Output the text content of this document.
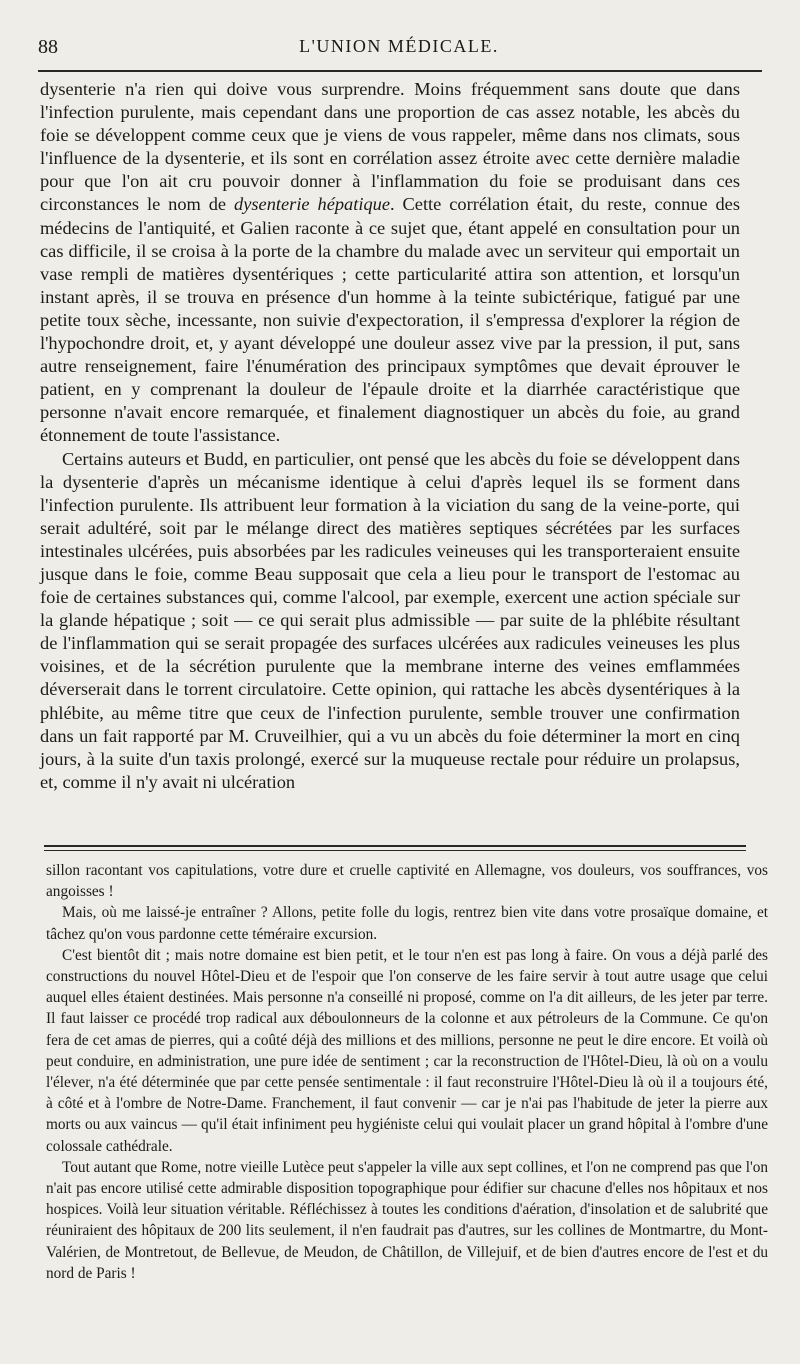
88	L'UNION MÉDICALE.

dysenterie n'a rien qui doive vous surprendre. Moins fréquemment sans doute que dans l'infection purulente, mais cependant dans une proportion de cas assez notable, les abcès du foie se développent comme ceux que je viens de vous rappeler, même dans nos climats, sous l'influence de la dysenterie, et ils sont en corrélation assez étroite avec cette dernière maladie pour que l'on ait cru pouvoir donner à l'inflammation du foie se produisant dans ces circonstances le nom de dysenterie hépatique. Cette corrélation était, du reste, connue des médecins de l'antiquité, et Galien raconte à ce sujet que, étant appelé en consultation pour un cas difficile, il se croisa à la porte de la chambre du malade avec un serviteur qui emportait un vase rempli de matières dysentériques ; cette particularité attira son attention, et lorsqu'un instant après, il se trouva en présence d'un homme à la teinte subictérique, fatigué par une petite toux sèche, incessante, non suivie d'expectoration, il s'empressa d'explorer la région de l'hypochondre droit, et, y ayant développé une douleur assez vive par la pression, il put, sans autre renseignement, faire l'énumération des principaux symptômes que devait éprouver le patient, en y comprenant la douleur de l'épaule droite et la diarrhée caractéristique que personne n'avait encore remarquée, et finalement diagnostiquer un abcès du foie, au grand étonnement de toute l'assistance.

Certains auteurs et Budd, en particulier, ont pensé que les abcès du foie se développent dans la dysenterie d'après un mécanisme identique à celui d'après lequel ils se forment dans l'infection purulente. Ils attribuent leur formation à la viciation du sang de la veine-porte, qui serait adultéré, soit par le mélange direct des matières septiques sécrétées par les surfaces intestinales ulcérées, puis absorbées par les radicules veineuses qui les transporteraient ensuite jusque dans le foie, comme Beau supposait que cela a lieu pour le transport de l'estomac au foie de certaines substances qui, comme l'alcool, par exemple, exercent une action spéciale sur la glande hépatique ; soit — ce qui serait plus admissible — par suite de la phlébite résultant de l'inflammation qui se serait propagée des surfaces ulcérées aux radicules veineuses les plus voisines, et de la sécrétion purulente que la membrane interne des veines emflammées déverserait dans le torrent circulatoire. Cette opinion, qui rattache les abcès dysentériques à la phlébite, au même titre que ceux de l'infection purulente, semble trouver une confirmation dans un fait rapporté par M. Cruveilhier, qui a vu un abcès du foie déterminer la mort en cinq jours, à la suite d'un taxis prolongé, exercé sur la muqueuse rectale pour réduire un prolapsus, et, comme il n'y avait ni ulcération

sillon racontant vos capitulations, votre dure et cruelle captivité en Allemagne, vos douleurs, vos souffrances, vos angoisses !

Mais, où me laissé-je entraîner ? Allons, petite folle du logis, rentrez bien vite dans votre prosaïque domaine, et tâchez qu'on vous pardonne cette téméraire excursion.

C'est bientôt dit ; mais notre domaine est bien petit, et le tour n'en est pas long à faire. On vous a déjà parlé des constructions du nouvel Hôtel-Dieu et de l'espoir que l'on conserve de les faire servir à tout autre usage que celui auquel elles étaient destinées. Mais personne n'a conseillé ni proposé, comme on l'a dit ailleurs, de les jeter par terre. Il faut laisser ce procédé trop radical aux déboulonneurs de la colonne et aux pétroleurs de la Commune. Ce qu'on fera de cet amas de pierres, qui a coûté déjà des millions et des millions, personne ne peut le dire encore. Et voilà où peut conduire, en administration, une pure idée de sentiment ; car la reconstruction de l'Hôtel-Dieu, là où on a voulu l'élever, n'a été déterminée que par cette pensée sentimentale : il faut reconstruire l'Hôtel-Dieu là où il a toujours été, à côté et à l'ombre de Notre-Dame. Franchement, il faut convenir — car je n'ai pas l'habitude de jeter la pierre aux morts ou aux vaincus — qu'il était infiniment peu hygiéniste celui qui voulait placer un grand hôpital à l'ombre d'une colossale cathédrale.

Tout autant que Rome, notre vieille Lutèce peut s'appeler la ville aux sept collines, et l'on ne comprend pas que l'on n'ait pas encore utilisé cette admirable disposition topographique pour édifier sur chacune d'elles nos hôpitaux et nos hospices. Voilà leur situation véritable. Réfléchissez à toutes les conditions d'aération, d'insolation et de salubrité que réuniraient des hôpitaux de 200 lits seulement, il n'en faudrait pas d'autres, sur les collines de Montmartre, du Mont-Valérien, de Montretout, de Bellevue, de Meudon, de Châtillon, de Villejuif, et de bien d'autres encore de l'est et du nord de Paris !
